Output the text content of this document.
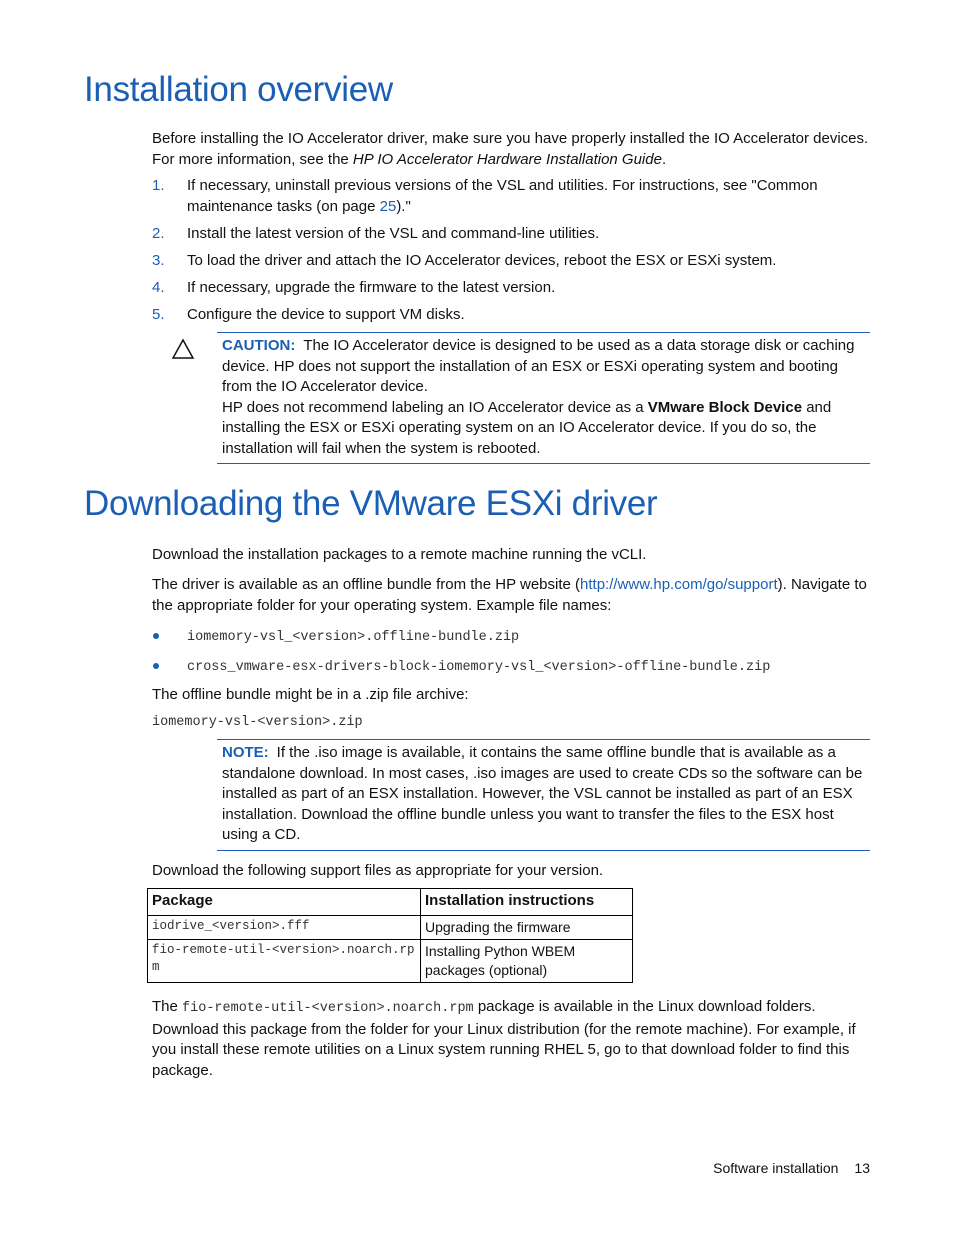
Installation overview

Before installing the IO Accelerator driver, make sure you have properly installed the IO Accelerator devices. For more information, see the HP IO Accelerator Hardware Installation Guide.

1. If necessary, uninstall previous versions of the VSL and utilities. For instructions, see "Common maintenance tasks (on page 25)."
2. Install the latest version of the VSL and command-line utilities.
3. To load the driver and attach the IO Accelerator devices, reboot the ESX or ESXi system.
4. If necessary, upgrade the firmware to the latest version.
5. Configure the device to support VM disks.
CAUTION: The IO Accelerator device is designed to be used as a data storage disk or caching device. HP does not support the installation of an ESX or ESXi operating system and booting from the IO Accelerator device.
HP does not recommend labeling an IO Accelerator device as a VMware Block Device and installing the ESX or ESXi operating system on an IO Accelerator device. If you do so, the installation will fail when the system is rebooted.
Downloading the VMware ESXi driver

Download the installation packages to a remote machine running the vCLI.

The driver is available as an offline bundle from the HP website (http://www.hp.com/go/support). Navigate to the appropriate folder for your operating system. Example file names:

iomemory-vsl_<version>.offline-bundle.zip
cross_vmware-esx-drivers-block-iomemory-vsl_<version>-offline-bundle.zip

The offline bundle might be in a .zip file archive:

iomemory-vsl-<version>.zip

NOTE: If the .iso image is available, it contains the same offline bundle that is available as a standalone download. In most cases, .iso images are used to create CDs so the software can be installed as part of an ESX installation. However, the VSL cannot be installed as part of an ESX installation. Download the offline bundle unless you want to transfer the files to the ESX host using a CD.

Download the following support files as appropriate for your version.

Package	Installation instructions
iodrive_<version>.fff	Upgrading the firmware
fio-remote-util-<version>.noarch.rpm	Installing Python WBEM packages (optional)

The fio-remote-util-<version>.noarch.rpm package is available in the Linux download folders. Download this package from the folder for your Linux distribution (for the remote machine). For example, if you install these remote utilities on a Linux system running RHEL 5, go to that download folder to find this package.

Software installation 13
